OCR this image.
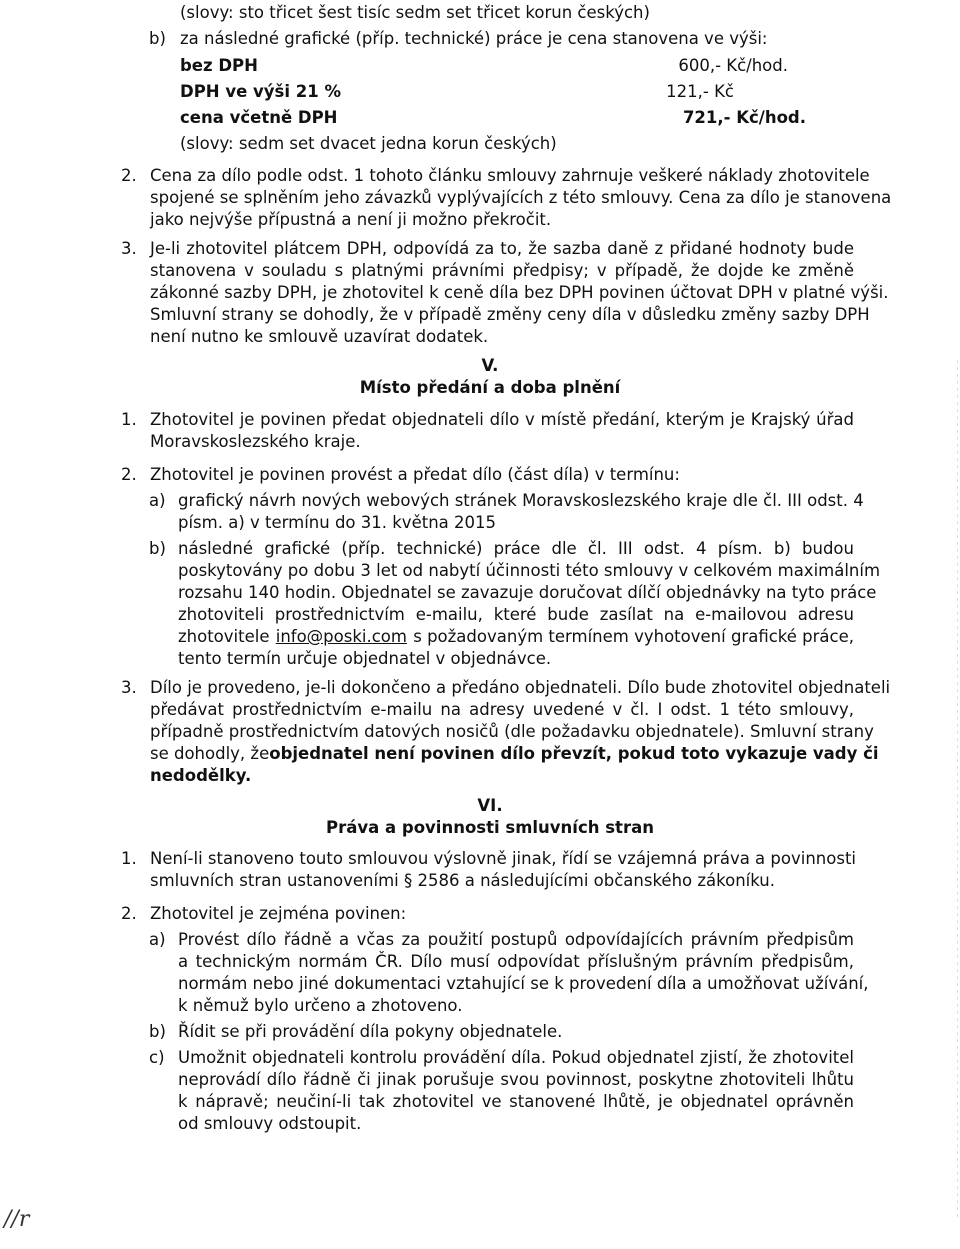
(slovy: sto třicet šest tisíc sedm set třicet korun českých)
b) za následné grafické (příp. technické) práce je cena stanovena ve výši:
bez DPH	600,- Kč/hod.
DPH ve výši 21 %	121,- Kč
cena včetně DPH	721,- Kč/hod.
(slovy: sedm set dvacet jedna korun českých)
2. Cena za dílo podle odst. 1 tohoto článku smlouvy zahrnuje veškeré náklady zhotovitele
spojené se splněním jeho závazků vyplývajících z této smlouvy. Cena za dílo je stanovena
jako nejvýše přípustná a není ji možno překročit.
3. Je-li zhotovitel plátcem DPH, odpovídá za to, že sazba daně z přidané hodnoty bude
stanovena v souladu s platnými právními předpisy; v případě, že dojde ke změně
zákonné sazby DPH, je zhotovitel k ceně díla bez DPH povinen účtovat DPH v platné výši.
Smluvní strany se dohodly, že v případě změny ceny díla v důsledku změny sazby DPH
není nutno ke smlouvě uzavírat dodatek.
V.
Místo předání a doba plnění
1. Zhotovitel je povinen předat objednateli dílo v místě předání, kterým je Krajský úřad
Moravskoslezského kraje.
2. Zhotovitel je povinen provést a předat dílo (část díla) v termínu:
a) grafický návrh nových webových stránek Moravskoslezského kraje dle čl. III odst. 4
písm. a) v termínu do 31. května 2015
b) následné grafické (příp. technické) práce dle čl. III odst. 4 písm. b) budou
poskytovány po dobu 3 let od nabytí účinnosti této smlouvy v celkovém maximálním
rozsahu 140 hodin. Objednatel se zavazuje doručovat dílčí objednávky na tyto práce
zhotoviteli prostřednictvím e-mailu, které bude zasílat na e-mailovou adresu
zhotovitele info@poski.com s požadovaným termínem vyhotovení grafické práce,
tento termín určuje objednatel v objednávce.
3. Dílo je provedeno, je-li dokončeno a předáno objednateli. Dílo bude zhotovitel objednateli
předávat prostřednictvím e-mailu na adresy uvedené v čl. I odst. 1 této smlouvy,
případně prostřednictvím datových nosičů (dle požadavku objednatele). Smluvní strany
se dohodly, že objednatel není povinen dílo převzít, pokud toto vykazuje vady či
nedodělky.
VI.
Práva a povinnosti smluvních stran
1. Není-li stanoveno touto smlouvou výslovně jinak, řídí se vzájemná práva a povinnosti
smluvních stran ustanoveními § 2586 a následujícími občanského zákoníku.
2. Zhotovitel je zejména povinen:
a) Provést dílo řádně a včas za použití postupů odpovídajících právním předpisům
a technickým normám ČR. Dílo musí odpovídat příslušným právním předpisům,
normám nebo jiné dokumentaci vztahující se k provedení díla a umožňovat užívání,
k němuž bylo určeno a zhotoveno.
b) Řídit se při provádění díla pokyny objednatele.
c) Umožnit objednateli kontrolu provádění díla. Pokud objednatel zjistí, že zhotovitel
neprovádí dílo řádně či jinak porušuje svou povinnost, poskytne zhotoviteli lhůtu
k nápravě; neučiní-li tak zhotovitel ve stanovené lhůtě, je objednatel oprávněn
od smlouvy odstoupit.
//r
